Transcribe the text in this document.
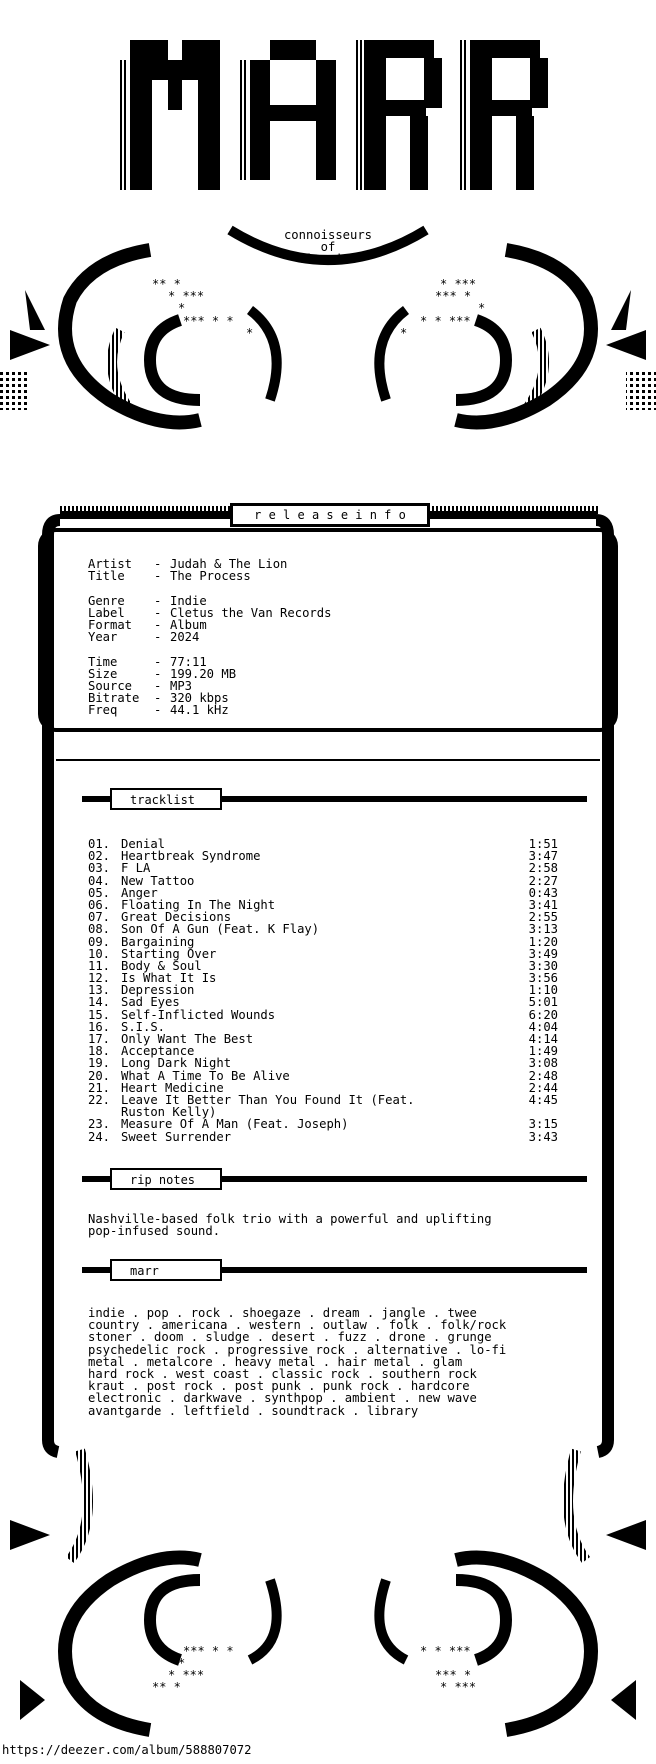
** *
* ***
*
*** * *
*
* ***
*** *
*
* * ***
*
*** * *
*
* ***
** *
* * ***
*
*** *
* ***
connoisseurs
of
classics
r e l e a s e i n f o
Artist	- Judah & The Lion
Title	- The Process
Genre	- Indie
Label	- Cletus the Van Records
Format	- Album
Year	- 2024
Time	- 77:11
Size	- 199.20 MB
Source	- MP3
Bitrate	- 320 kbps
Freq	- 44.1 kHz
tracklist
01. Denial	1:51
02. Heartbreak Syndrome	3:47
03. F LA	2:58
04. New Tattoo	2:27
05. Anger	0:43
06. Floating In The Night	3:41
07. Great Decisions	2:55
08. Son Of A Gun (Feat. K Flay)	3:13
09. Bargaining	1:20
10. Starting Over	3:49
11. Body & Soul	3:30
12. Is What It Is	3:56
13. Depression	1:10
14. Sad Eyes	5:01
15. Self-Inflicted Wounds	6:20
16. S.I.S.	4:04
17. Only Want The Best	4:14
18. Acceptance	1:49
19. Long Dark Night	3:08
20. What A Time To Be Alive	2:48
21. Heart Medicine	2:44
22. Leave It Better Than You Found It (Feat. Ruston Kelly)
4:45
23. Measure Of A Man (Feat. Joseph)	3:15
24. Sweet Surrender	3:43
rip notes
Nashville-based folk trio with a powerful and uplifting
pop-infused sound.
marr
indie . pop . rock . shoegaze . dream . jangle . twee
country . americana . western . outlaw . folk . folk/rock
stoner . doom . sludge . desert . fuzz . drone . grunge
psychedelic rock . progressive rock . alternative . lo-fi
metal . metalcore . heavy metal . hair metal . glam
hard rock . west coast . classic rock . southern rock
kraut . post rock . post punk . punk rock . hardcore
electronic . darkwave . synthpop . ambient . new wave
avantgarde . leftfield . soundtrack . library
https://deezer.com/album/588807072
